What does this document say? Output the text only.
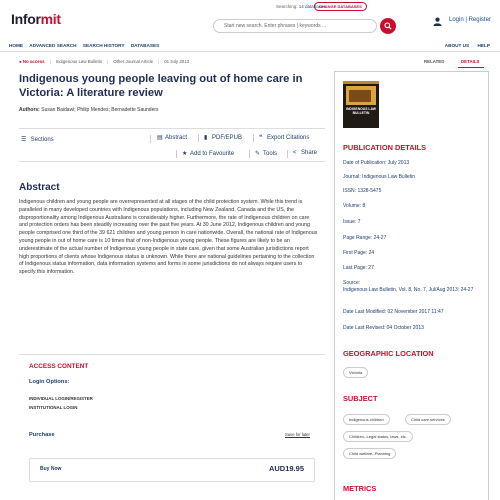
Informit
Searching: 14 databases
CHANGE DATABASES
Start new search. Enter phrases | keywords ...
Login | Register
HOME ADVANCED SEARCH SEARCH HISTORY DATABASES	ABOUT US HELP
● No access | Indigenous Law Bulletin | Other Journal Article | 01 July 2013	RELATED	DETAILS
Indigenous young people leaving out of home care in Victoria: A literature review
Authors: Susan Baidawi; Philip Mendes; Bernadette Saunders
☰ Sections	▤ Abstract	▮ PDF/EPUB	❝ Export Citations
★ Add to Favourite	✎ Tools	< Share
Abstract
Indigenous children and young people are overrepresented at all stages of the child protection system. While this trend is paralleled in many developed countries with Indigenous populations, including New Zealand, Canada and the US, the disproportionality among Indigenous Australians is considerably higher. Furthermore, the rate of Indigenous children on care and protection orders has been steadily increasing over the past five years. At 30 June 2012, Indigenous children and young people comprised one third of the 39 621 children and young person in care nationwide. Overall, the national rate of Indigenous young people in out of home care is 10 times that of non-Indigenous young people. These figures are likely to be an underestimate of the actual number of Indigenous young people in state care, given that some Australian jurisdictions report high proportions of clients whose Indigenous status is unknown. While there are national guidelines pertaining to the collection of Indigenous status information, data information systems and forms in some jurisdictions do not always require users to specify this information.
ACCESS CONTENT
Login Options:
INDIVIDUAL LOGIN/REGISTER
INSTITUTIONAL LOGIN
Purchase	Save for later
Buy Now	AUD19.95
INDIGENOUS LAW BULLETIN
PUBLICATION DETAILS
Date of Publication: July 2013
Journal: Indigenous Law Bulletin
ISSN: 1328-5475
Volume: 8
Issue: 7
Page Range: 24-27
First Page: 24
Last Page: 27
Source:
Indigenous Law Bulletin, Vol. 8, No. 7, Jul/Aug 2013: 24-27
Date Last Modified: 02 November 2017 11:47
Date Last Revised: 04 October 2013
GEOGRAPHIC LOCATION
Victoria
SUBJECT
Indigenous children	Child care services
Children--Legal status, laws, etc.
Child welfare--Planning
METRICS
